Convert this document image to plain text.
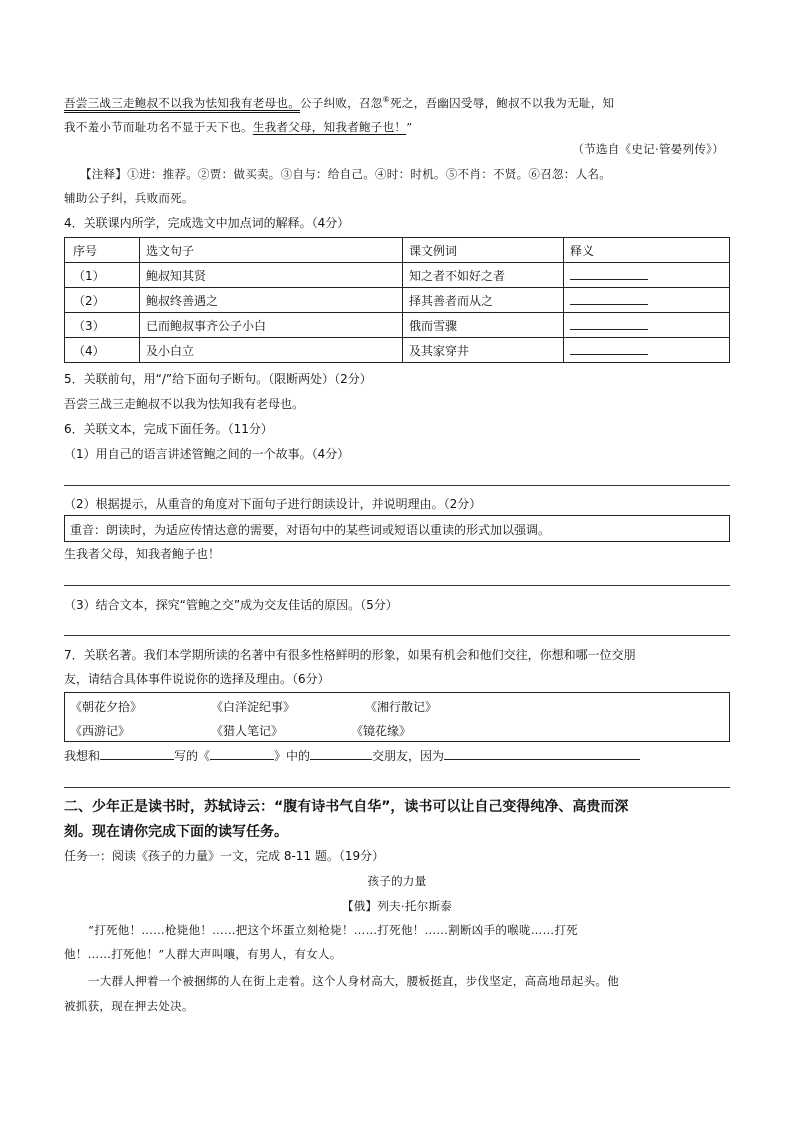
吾尝三战三走鲍叔不以我为怯知我有老母也。公子纠败，召忽⑥死之，吾幽囚受辱，鲍叔不以我为无耻，知
我不羞小节而耻功名不显于天下也。生我者父母，知我者鲍子也！”
（节选自《史记·管晏列传》）
【注释】①进：推荐。②贾：做买卖。③自与：给自己。④时：时机。⑤不肖：不贤。⑥召忽：人名。
辅助公子纠，兵败而死。
4．关联课内所学，完成选文中加点词的解释。（4分）
序号	选文句子	课文例词	释义
（1）	鲍叔知其贤	知之者不如好之者	
（2）	鲍叔终善遇之	择其善者而从之	
（3）	已而鲍叔事齐公子小白	俄而雪骤	
（4）	及小白立	及其家穿井	
5．关联前句，用“/”给下面句子断句。（限断两处）（2分）
吾尝三战三走鲍叔不以我为怯知我有老母也。
6．关联文本，完成下面任务。（11分）
（1）用自己的语言讲述管鲍之间的一个故事。（4分）
（2）根据提示，从重音的角度对下面句子进行朗读设计，并说明理由。（2分）
重音：朗读时，为适应传情达意的需要，对语句中的某些词或短语以重读的形式加以强调。
生我者父母，知我者鲍子也！
（3）结合文本，探究“管鲍之交”成为交友佳话的原因。（5分）
7．关联名著。我们本学期所读的名著中有很多性格鲜明的形象，如果有机会和他们交往，你想和哪一位交朋
友，请结合具体事件说说你的选择及理由。（6分）
《朝花夕拾》	《白洋淀纪事》	《湘行散记》
《西游记》	《猎人笔记》	《镜花缘》
我想和	写的《	》中的	交朋友，因为
二、少年正是读书时，苏轼诗云：“腹有诗书气自华”，读书可以让自己变得纯净、高贵而深
刻。现在请你完成下面的读写任务。
任务一：阅读《孩子的力量》一文，完成 8-11 题。（19分）
孩子的力量
【俄】列夫·托尔斯泰
“打死他！……枪毙他！……把这个坏蛋立刻枪毙！……打死他！……割断凶手的喉咙……打死
他！……打死他！”人群大声叫嚷，有男人，有女人。
一大群人押着一个被捆绑的人在街上走着。这个人身材高大，腰板挺直，步伐坚定，高高地昂起头。他
被抓获，现在押去处决。
